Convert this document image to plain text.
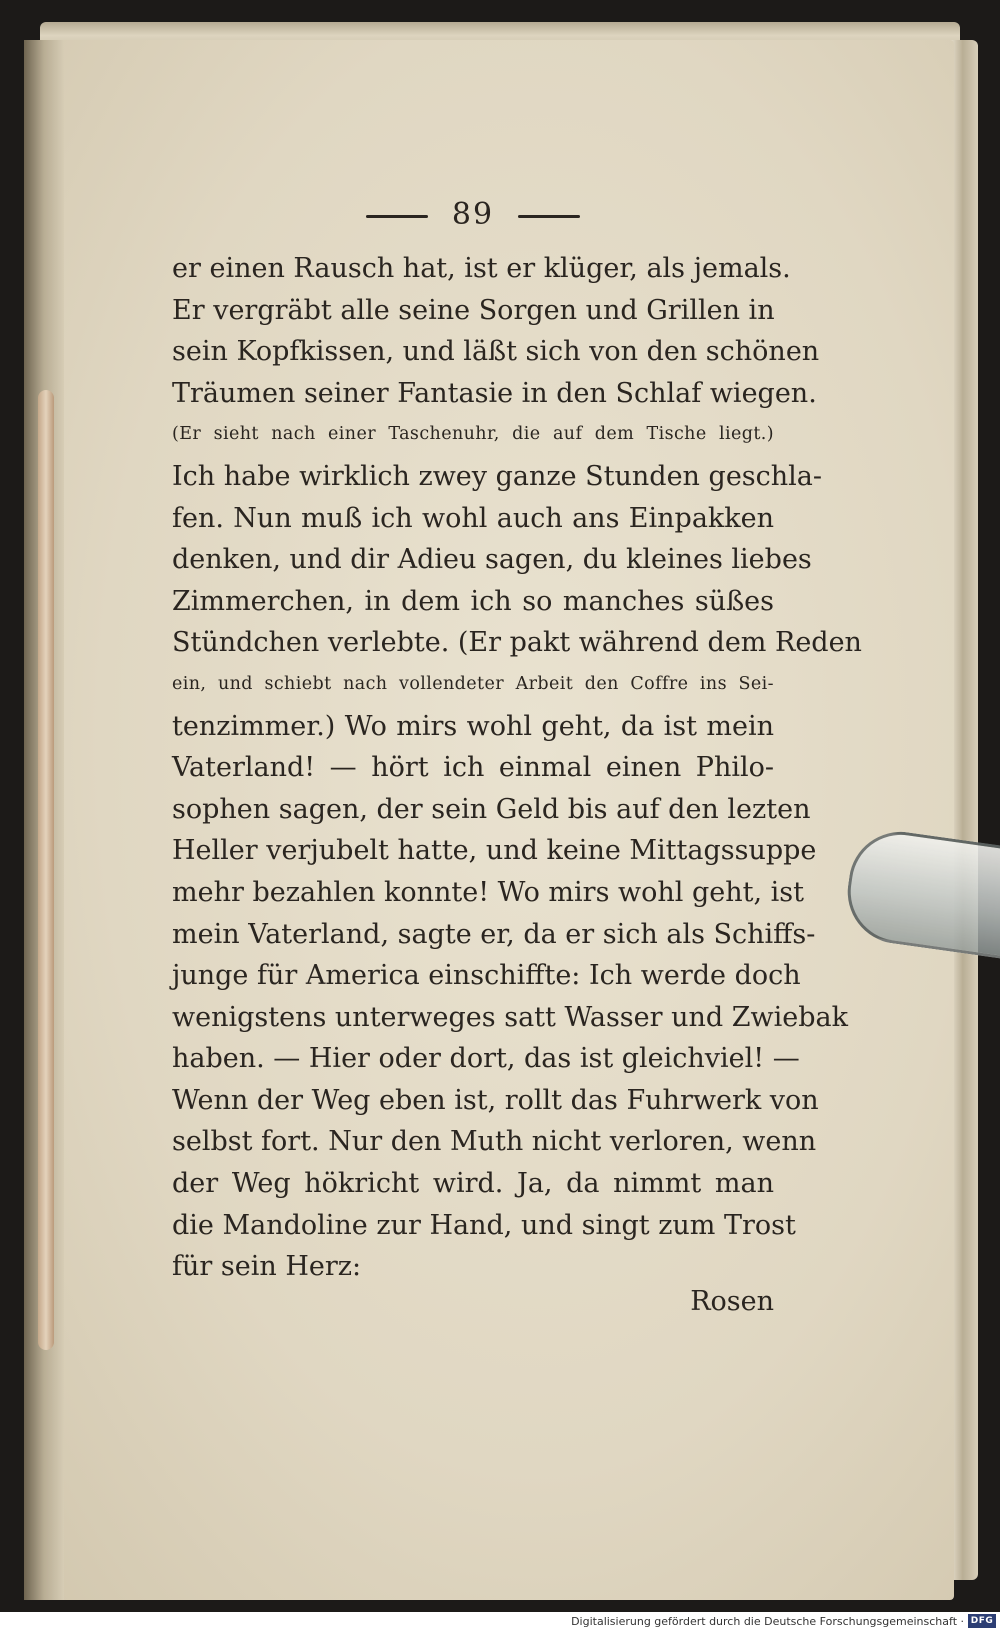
89
er einen Rausch hat, ist er klüger, als jemals.
Er vergräbt alle seine Sorgen und Grillen in
sein Kopfkissen, und läßt sich von den schönen
Träumen seiner Fantasie in den Schlaf wiegen.
(Er sieht nach einer Taschenuhr, die auf dem Tische liegt.)
Ich habe wirklich zwey ganze Stunden geschla-
fen. Nun muß ich wohl auch ans Einpakken
denken, und dir Adieu sagen, du kleines liebes
Zimmerchen, in dem ich so manches süßes
Stündchen verlebte. (Er pakt während dem Reden
ein, und schiebt nach vollendeter Arbeit den Coffre ins Sei-
tenzimmer.) Wo mirs wohl geht, da ist mein
Vaterland! — hört ich einmal einen Philo-
sophen sagen, der sein Geld bis auf den lezten
Heller verjubelt hatte, und keine Mittagssuppe
mehr bezahlen konnte! Wo mirs wohl geht, ist
mein Vaterland, sagte er, da er sich als Schiffs-
junge für America einschiffte: Ich werde doch
wenigstens unterweges satt Wasser und Zwiebak
haben. — Hier oder dort, das ist gleichviel! —
Wenn der Weg eben ist, rollt das Fuhrwerk von
selbst fort. Nur den Muth nicht verloren, wenn
der Weg hökricht wird. Ja, da nimmt man
die Mandoline zur Hand, und singt zum Trost
für sein Herz:
Rosen
Digitalisierung gefördert durch die Deutsche Forschungsgemeinschaft · DFG
